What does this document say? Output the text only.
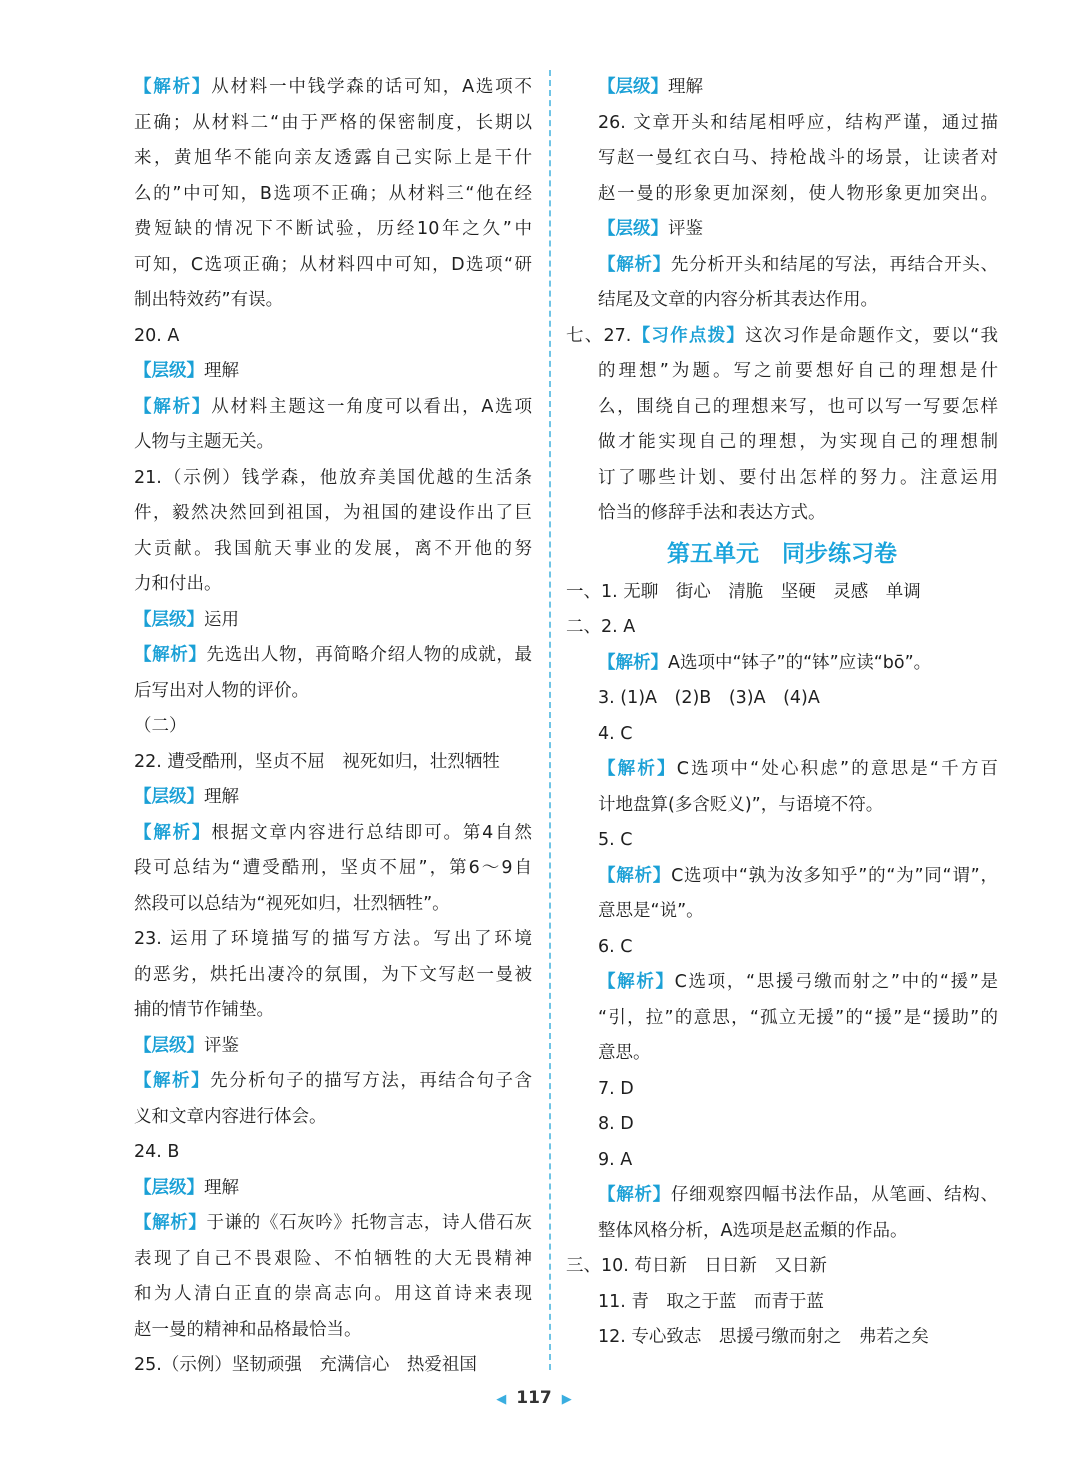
【解析】从材料一中钱学森的话可知，A选项不
正确；从材料二“由于严格的保密制度，长期以
来，黄旭华不能向亲友透露自己实际上是干什
么的”中可知，B选项不正确；从材料三“他在经
费短缺的情况下不断试验，历经10年之久”中
可知，C选项正确；从材料四中可知，D选项“研
制出特效药”有误。
20. A
【层级】理解
【解析】从材料主题这一角度可以看出，A选项
人物与主题无关。
21.（示例）钱学森，他放弃美国优越的生活条
件，毅然决然回到祖国，为祖国的建设作出了巨
大贡献。我国航天事业的发展，离不开他的努
力和付出。
【层级】运用
【解析】先选出人物，再简略介绍人物的成就，最
后写出对人物的评价。
（二）
22. 遭受酷刑，坚贞不屈　视死如归，壮烈牺牲
【层级】理解
【解析】根据文章内容进行总结即可。第4自然
段可总结为“遭受酷刑，坚贞不屈”，第6～9自
然段可以总结为“视死如归，壮烈牺牲”。
23. 运用了环境描写的描写方法。写出了环境
的恶劣，烘托出凄冷的氛围，为下文写赵一曼被
捕的情节作铺垫。
【层级】评鉴
【解析】先分析句子的描写方法，再结合句子含
义和文章内容进行体会。
24. B
【层级】理解
【解析】于谦的《石灰吟》托物言志，诗人借石灰
表现了自己不畏艰险、不怕牺牲的大无畏精神
和为人清白正直的崇高志向。用这首诗来表现
赵一曼的精神和品格最恰当。
25.（示例）坚韧顽强　充满信心　热爱祖国
【层级】理解
26. 文章开头和结尾相呼应，结构严谨，通过描
写赵一曼红衣白马、持枪战斗的场景，让读者对
赵一曼的形象更加深刻，使人物形象更加突出。
【层级】评鉴
【解析】先分析开头和结尾的写法，再结合开头、
结尾及文章的内容分析其表达作用。
七、27.【习作点拨】这次习作是命题作文，要以“我
的理想”为题。写之前要想好自己的理想是什
么，围绕自己的理想来写，也可以写一写要怎样
做才能实现自己的理想，为实现自己的理想制
订了哪些计划、要付出怎样的努力。注意运用
恰当的修辞手法和表达方式。
第五单元　同步练习卷
一、1. 无聊　街心　清脆　坚硬　灵感　单调
二、2. A
【解析】A选项中“钵子”的“钵”应读“bō”。
3. (1)A　(2)B　(3)A　(4)A
4. C
【解析】C选项中“处心积虑”的意思是“千方百
计地盘算(多含贬义)”，与语境不符。
5. C
【解析】C选项中“孰为汝多知乎”的“为”同“谓”，
意思是“说”。
6. C
【解析】C选项，“思援弓缴而射之”中的“援”是
“引，拉”的意思，“孤立无援”的“援”是“援助”的
意思。
7. D
8. D
9. A
【解析】仔细观察四幅书法作品，从笔画、结构、
整体风格分析，A选项是赵孟頫的作品。
三、10. 苟日新　日日新　又日新
11. 青　取之于蓝　而青于蓝
12. 专心致志　思援弓缴而射之　弗若之矣
◀ 117 ▶
